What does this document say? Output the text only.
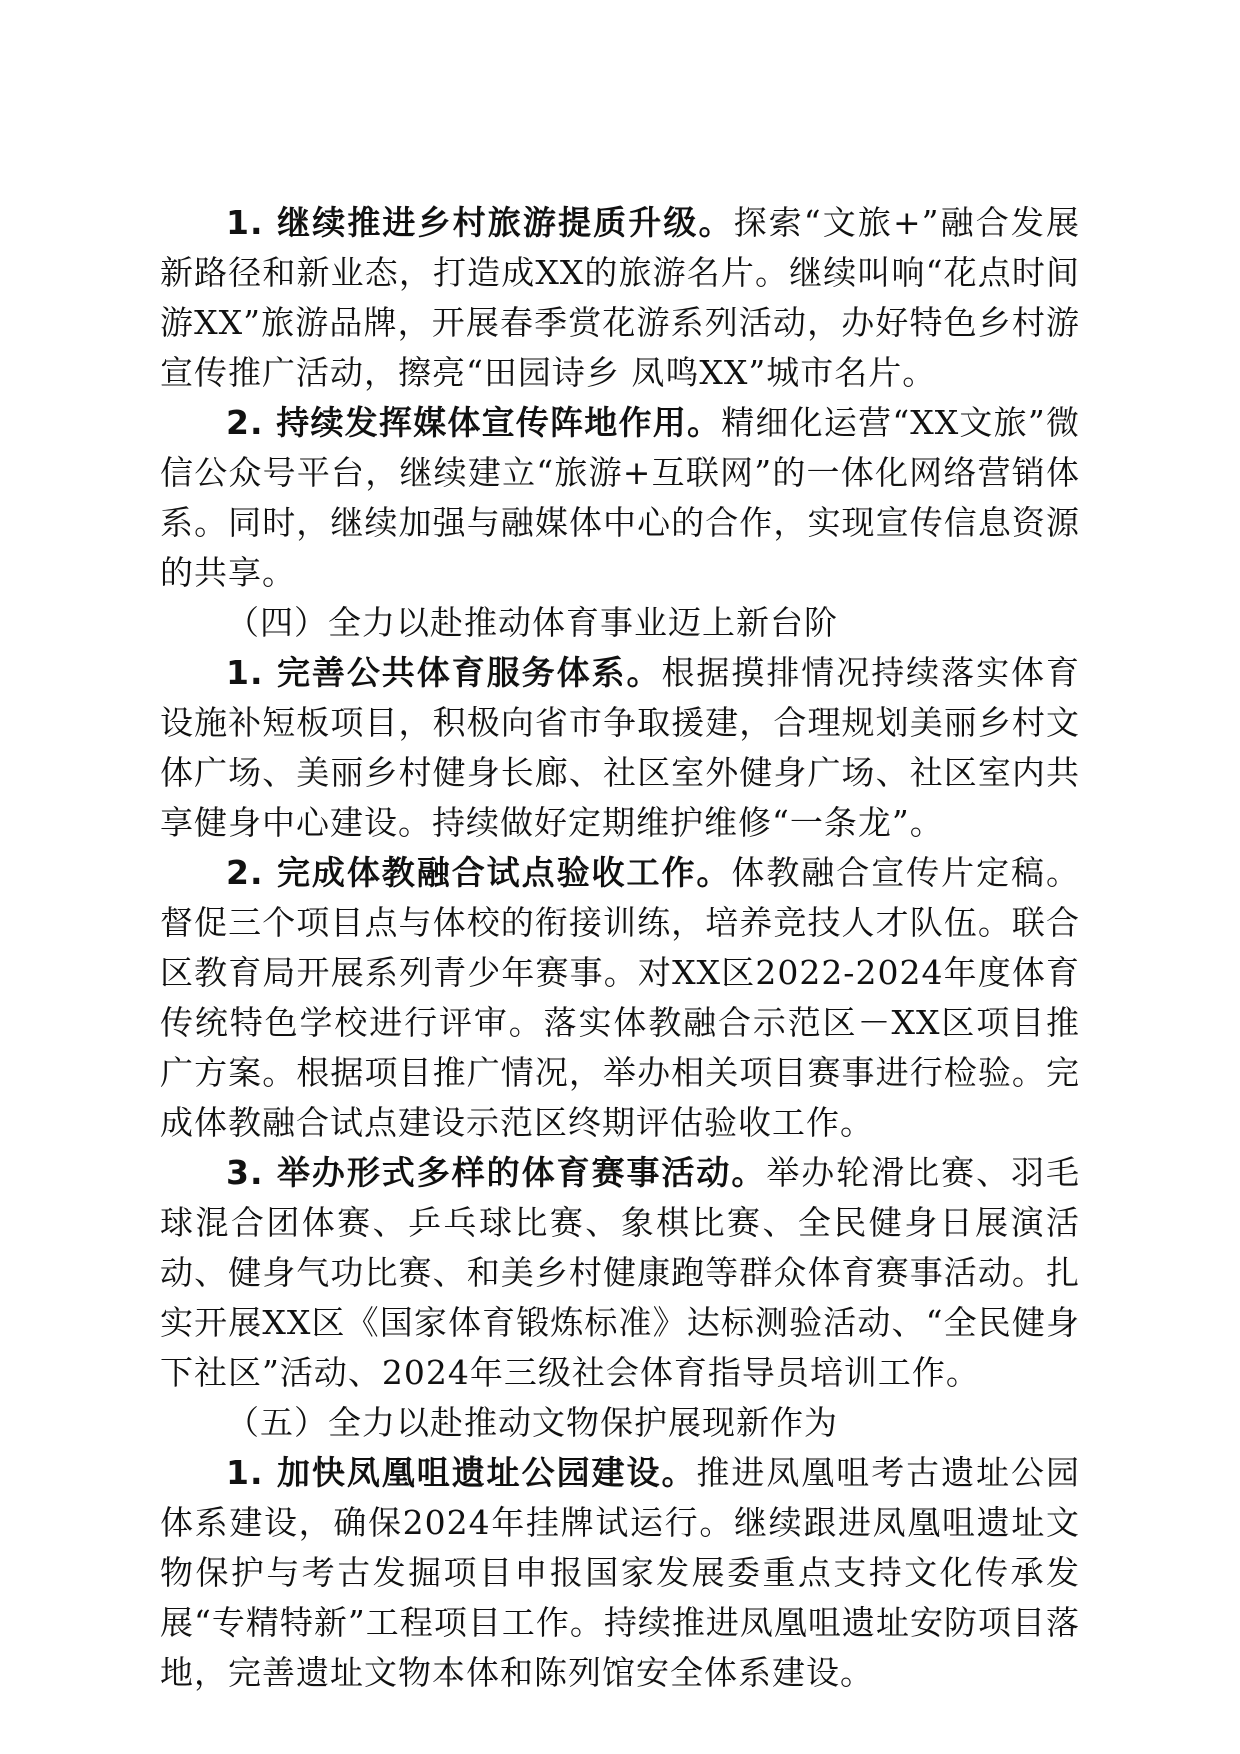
1. 继续推进乡村旅游提质升级。探索“文旅+”融合发展新路径和新业态，打造成XX的旅游名片。继续叫响“花点时间游XX”旅游品牌，开展春季赏花游系列活动，办好特色乡村游宣传推广活动，擦亮“田园诗乡 凤鸣XX”城市名片。

2. 持续发挥媒体宣传阵地作用。精细化运营“XX文旅”微信公众号平台，继续建立“旅游+互联网”的一体化网络营销体系。同时，继续加强与融媒体中心的合作，实现宣传信息资源的共享。

（四）全力以赴推动体育事业迈上新台阶

1. 完善公共体育服务体系。根据摸排情况持续落实体育设施补短板项目，积极向省市争取援建，合理规划美丽乡村文体广场、美丽乡村健身长廊、社区室外健身广场、社区室内共享健身中心建设。持续做好定期维护维修“一条龙”。

2. 完成体教融合试点验收工作。体教融合宣传片定稿。督促三个项目点与体校的衔接训练，培养竞技人才队伍。联合区教育局开展系列青少年赛事。对XX区2022-2024年度体育传统特色学校进行评审。落实体教融合示范区－XX区项目推广方案。根据项目推广情况，举办相关项目赛事进行检验。完成体教融合试点建设示范区终期评估验收工作。

3. 举办形式多样的体育赛事活动。举办轮滑比赛、羽毛球混合团体赛、乒乓球比赛、象棋比赛、全民健身日展演活动、健身气功比赛、和美乡村健康跑等群众体育赛事活动。扎实开展XX区《国家体育锻炼标准》达标测验活动、“全民健身下社区”活动、2024年三级社会体育指导员培训工作。

（五）全力以赴推动文物保护展现新作为

1. 加快凤凰咀遗址公园建设。推进凤凰咀考古遗址公园体系建设，确保2024年挂牌试运行。继续跟进凤凰咀遗址文物保护与考古发掘项目申报国家发展委重点支持文化传承发展“专精特新”工程项目工作。持续推进凤凰咀遗址安防项目落地，完善遗址文物本体和陈列馆安全体系建设。
